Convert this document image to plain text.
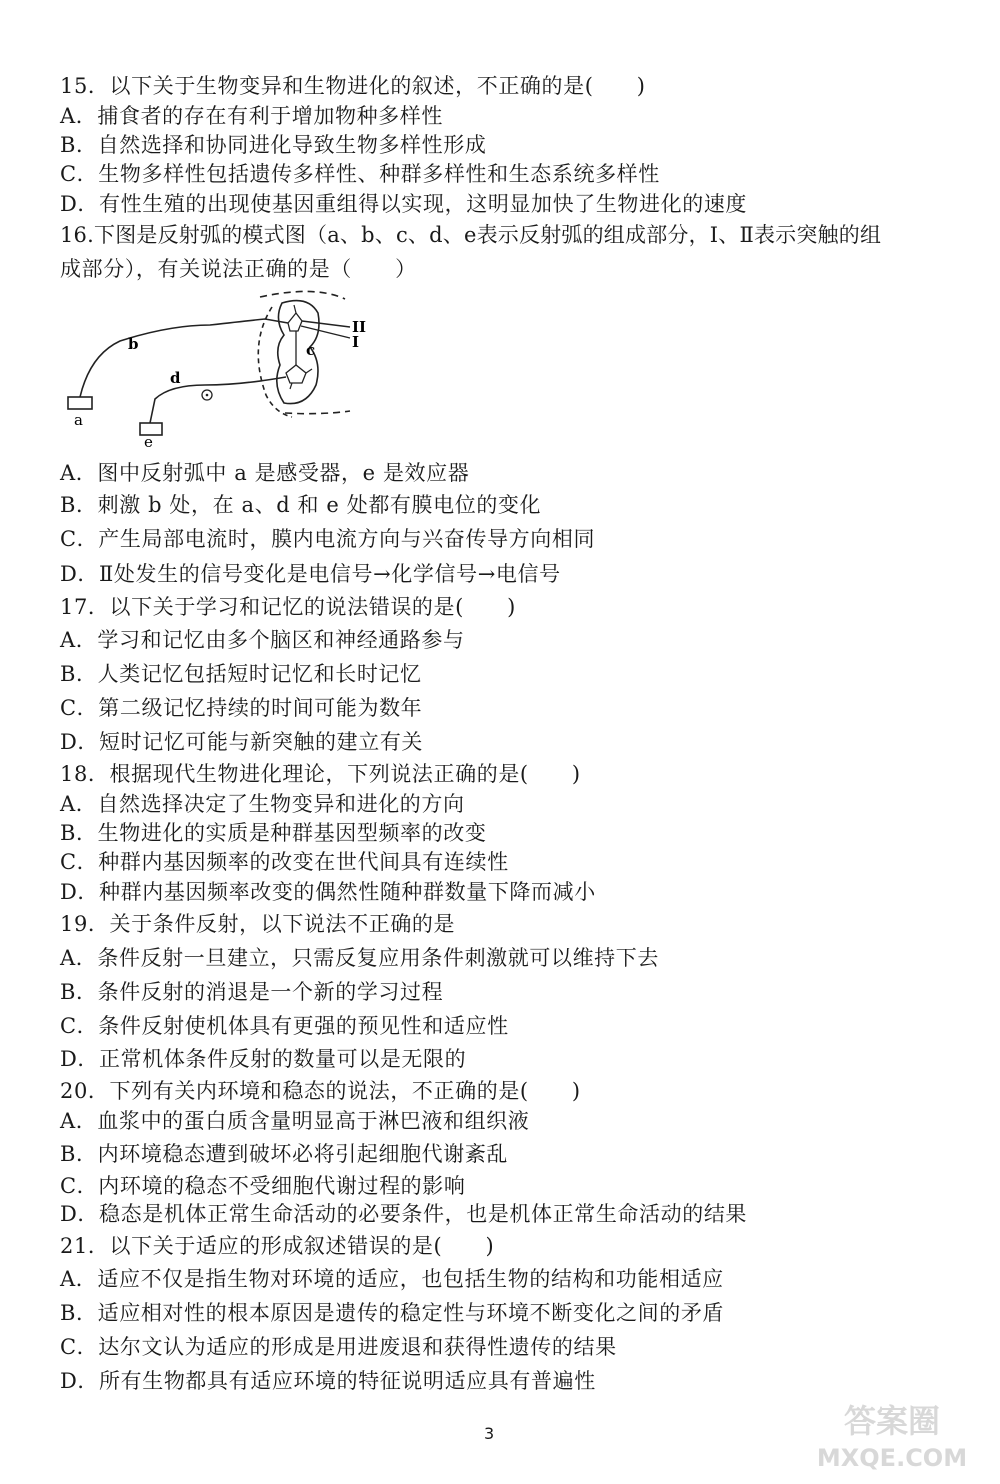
15．以下关于生物变异和生物进化的叙述，不正确的是(　　)
A．捕食者的存在有利于增加物种多样性
B．自然选择和协同进化导致生物多样性形成
C．生物多样性包括遗传多样性、种群多样性和生态系统多样性
D．有性生殖的出现使基因重组得以实现，这明显加快了生物进化的速度
16.下图是反射弧的模式图（a、b、c、d、e表示反射弧的组成部分，Ⅰ、Ⅱ表示突触的组
成部分），有关说法正确的是（　　）
a
b	c
d
e
II
I
A．图中反射弧中 a 是感受器，e 是效应器
B．刺激 b 处，在 a、d 和 e 处都有膜电位的变化
C．产生局部电流时，膜内电流方向与兴奋传导方向相同
D．Ⅱ处发生的信号变化是电信号→化学信号→电信号
17．以下关于学习和记忆的说法错误的是(　　)
A．学习和记忆由多个脑区和神经通路参与
B．人类记忆包括短时记忆和长时记忆
C．第二级记忆持续的时间可能为数年
D．短时记忆可能与新突触的建立有关
18．根据现代生物进化理论，下列说法正确的是(　　)
A．自然选择决定了生物变异和进化的方向
B．生物进化的实质是种群基因型频率的改变
C．种群内基因频率的改变在世代间具有连续性
D．种群内基因频率改变的偶然性随种群数量下降而减小
19．关于条件反射，以下说法不正确的是
A．条件反射一旦建立，只需反复应用条件刺激就可以维持下去
B．条件反射的消退是一个新的学习过程
C．条件反射使机体具有更强的预见性和适应性
D．正常机体条件反射的数量可以是无限的
20．下列有关内环境和稳态的说法，不正确的是(　　)
A．血浆中的蛋白质含量明显高于淋巴液和组织液
B．内环境稳态遭到破坏必将引起细胞代谢紊乱
C．内环境的稳态不受细胞代谢过程的影响
D．稳态是机体正常生命活动的必要条件，也是机体正常生命活动的结果
21．以下关于适应的形成叙述错误的是(　　)
A．适应不仅是指生物对环境的适应，也包括生物的结构和功能相适应
B．适应相对性的根本原因是遗传的稳定性与环境不断变化之间的矛盾
C．达尔文认为适应的形成是用进废退和获得性遗传的结果
D．所有生物都具有适应环境的特征说明适应具有普遍性
3	答案圈
MXQE.COM
